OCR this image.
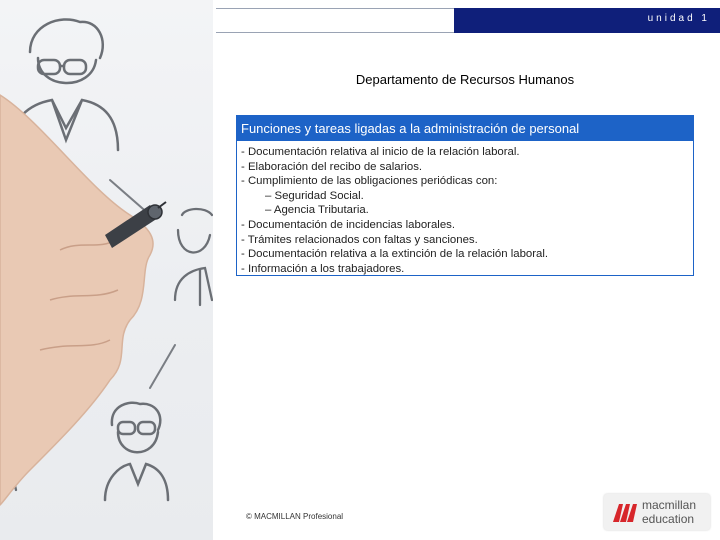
unidad 1
Departamento de Recursos Humanos
Funciones y tareas ligadas a la administración de personal
- Documentación relativa al inicio de la relación laboral.
- Elaboración del recibo de salarios.
- Cumplimiento de las obligaciones periódicas con:
– Seguridad Social.
– Agencia Tributaria.
- Documentación de incidencias laborales.
- Trámites relacionados con faltas y sanciones.
- Documentación relativa a la extinción de la relación laboral.
- Información a los trabajadores.
© MACMILLAN Profesional
macmillan
education
